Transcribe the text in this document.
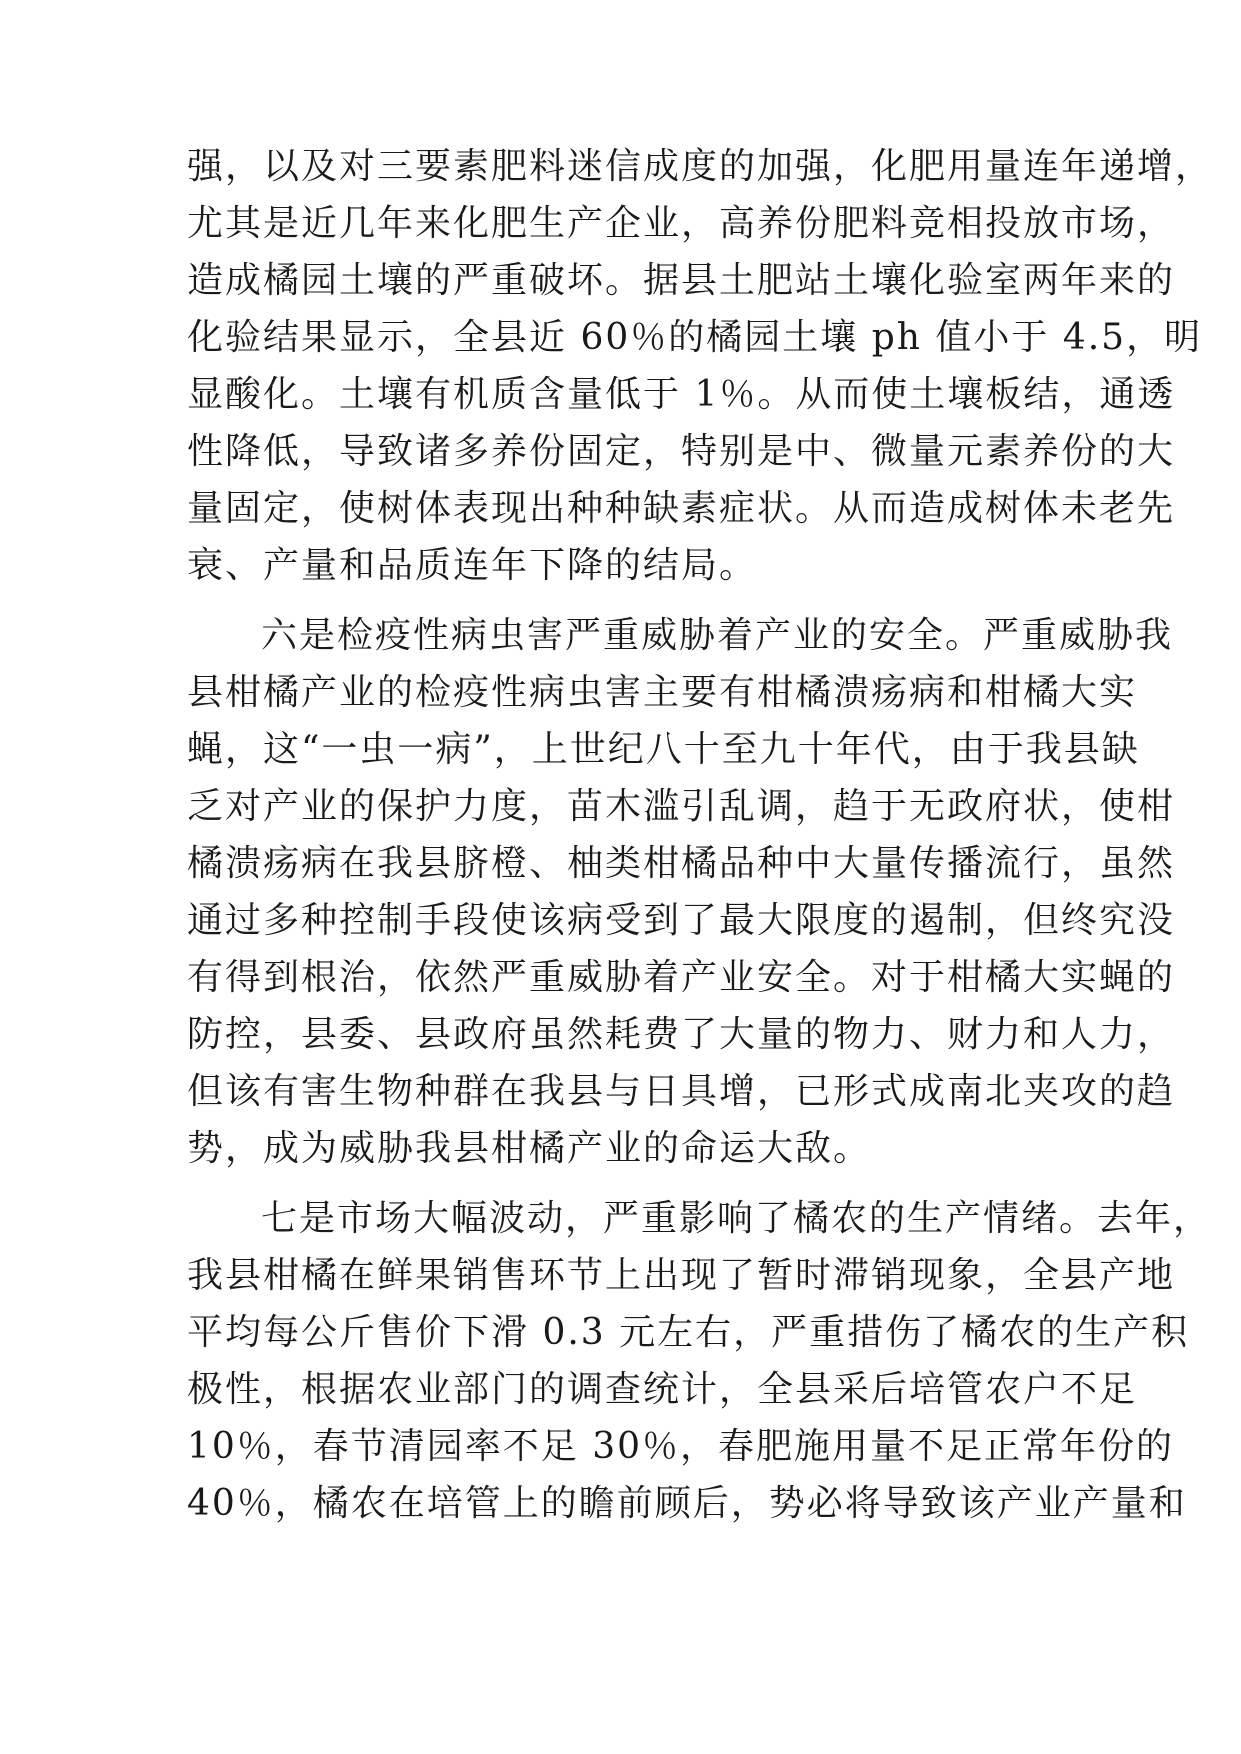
强，以及对三要素肥料迷信成度的加强，化肥用量连年递增，
尤其是近几年来化肥生产企业，高养份肥料竞相投放市场，
造成橘园土壤的严重破坏。据县土肥站土壤化验室两年来的
化验结果显示，全县近 60％的橘园土壤 ph 值小于 4.5，明
显酸化。土壤有机质含量低于 1％。从而使土壤板结，通透
性降低，导致诸多养份固定，特别是中、微量元素养份的大
量固定，使树体表现出种种缺素症状。从而造成树体未老先
衰、产量和品质连年下降的结局。
六是检疫性病虫害严重威胁着产业的安全。严重威胁我
县柑橘产业的检疫性病虫害主要有柑橘溃疡病和柑橘大实
蝇，这“一虫一病”，上世纪八十至九十年代，由于我县缺
乏对产业的保护力度，苗木滥引乱调，趋于无政府状，使柑
橘溃疡病在我县脐橙、柚类柑橘品种中大量传播流行，虽然
通过多种控制手段使该病受到了最大限度的遏制，但终究没
有得到根治，依然严重威胁着产业安全。对于柑橘大实蝇的
防控，县委、县政府虽然耗费了大量的物力、财力和人力，
但该有害生物种群在我县与日具增，已形式成南北夹攻的趋
势，成为威胁我县柑橘产业的命运大敌。
七是市场大幅波动，严重影响了橘农的生产情绪。去年，
我县柑橘在鲜果销售环节上出现了暂时滞销现象，全县产地
平均每公斤售价下滑 0.3 元左右，严重措伤了橘农的生产积
极性，根据农业部门的调查统计，全县采后培管农户不足
10％，春节清园率不足 30％，春肥施用量不足正常年份的
40％，橘农在培管上的瞻前顾后，势必将导致该产业产量和
